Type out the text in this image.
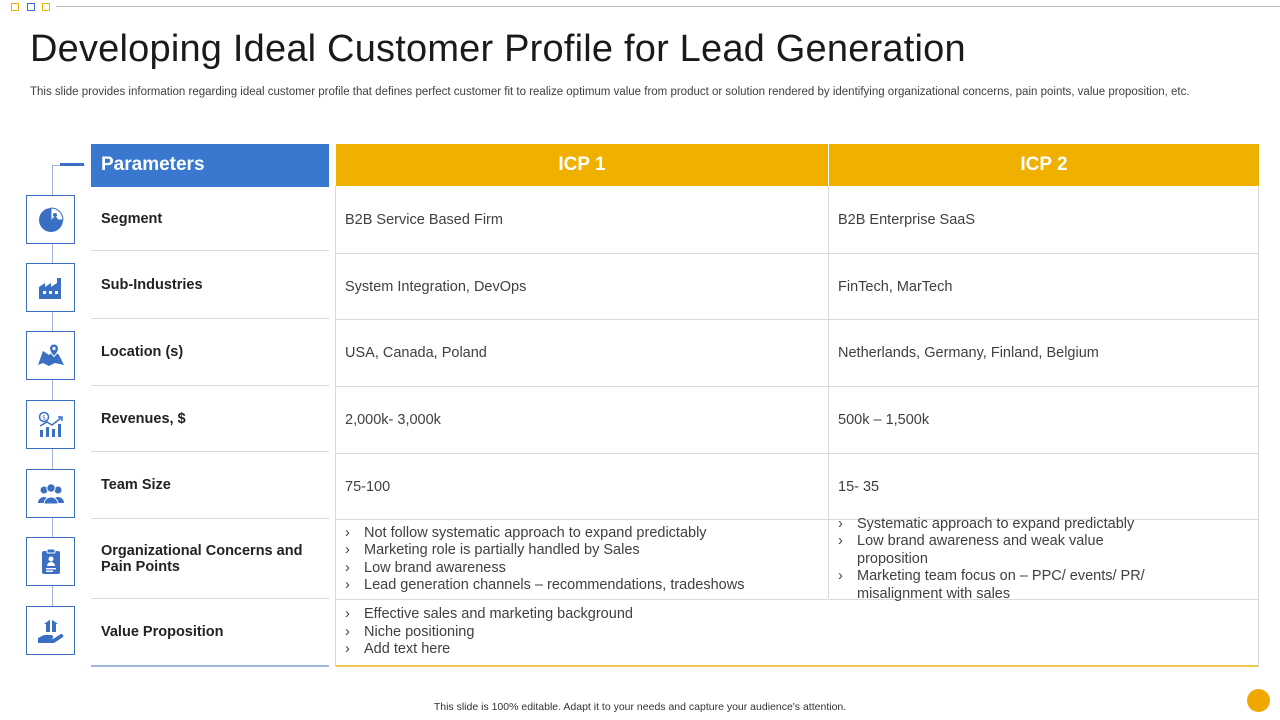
Developing Ideal Customer Profile for Lead Generation
This slide provides information regarding ideal customer profile that defines perfect customer fit to realize optimum value from product or solution rendered by identifying organizational concerns, pain points, value proposition, etc.
$
Parameters
Segment
Sub-Industries
Location (s)
Revenues, $
Team Size
Organizational Concerns and Pain Points
Value Proposition
ICP 1	ICP 2
B2B Service Based Firm
System Integration, DevOps
USA, Canada, Poland
2,000k- 3,000k
75-100
› Not follow systematic approach to expand predictably
› Marketing role is partially handled by Sales
› Low brand awareness
› Lead generation channels – recommendations, tradeshows
B2B Enterprise SaaS
FinTech, MarTech
Netherlands, Germany, Finland, Belgium
500k – 1,500k
15- 35
› Systematic approach to expand predictably
› Low brand awareness and weak value proposition
› Marketing team focus on – PPC/ events/ PR/ misalignment with sales
› Effective sales and marketing background
› Niche positioning
› Add text here
This slide is 100% editable. Adapt it to your needs and capture your audience's attention.
